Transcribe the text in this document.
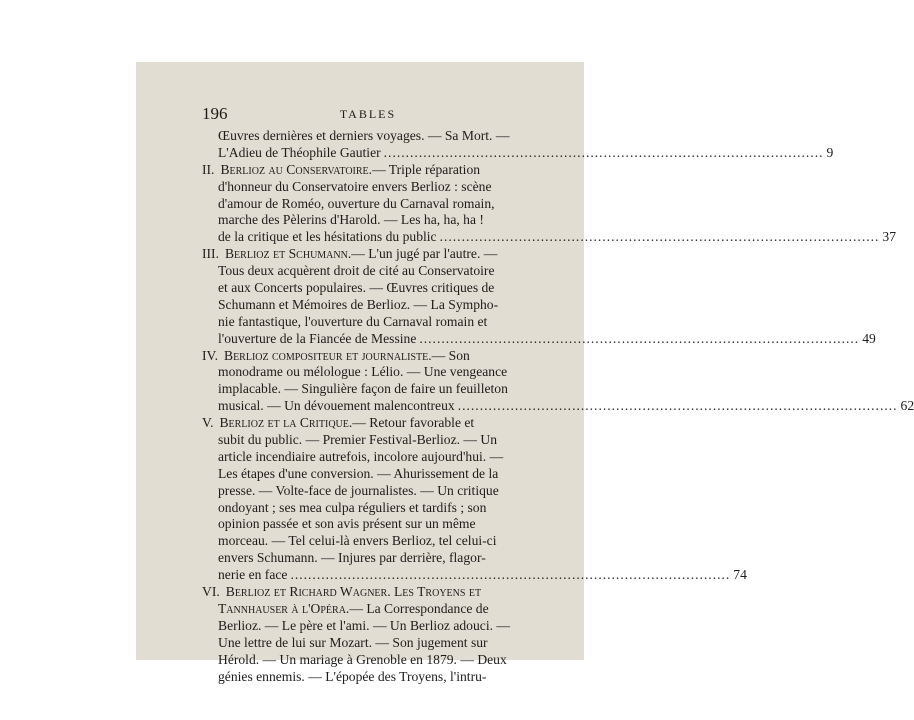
196	TABLES
Œuvres dernières et derniers voyages. — Sa Mort. —
L'Adieu de Théophile Gautier .................................................................................................... 9
II. Berlioz au Conservatoire. — Triple réparation
d'honneur du Conservatoire envers Berlioz : scène
d'amour de Roméo, ouverture du Carnaval romain,
marche des Pèlerins d'Harold. — Les ha, ha, ha !
de la critique et les hésitations du public .................................................................................................... 37
III. Berlioz et Schumann. — L'un jugé par l'autre. —
Tous deux acquèrent droit de cité au Conservatoire
et aux Concerts populaires. — Œuvres critiques de
Schumann et Mémoires de Berlioz. — La Sympho-
nie fantastique, l'ouverture du Carnaval romain et
l'ouverture de la Fiancée de Messine .................................................................................................... 49
IV. Berlioz compositeur et journaliste. — Son
monodrame ou mélologue : Lélio. — Une vengeance
implacable. — Singulière façon de faire un feuilleton
musical. — Un dévouement malencontreux .................................................................................................... 62
V. Berlioz et la Critique. — Retour favorable et
subit du public. — Premier Festival-Berlioz. — Un
article incendiaire autrefois, incolore aujourd'hui. —
Les étapes d'une conversion. — Ahurissement de la
presse. — Volte-face de journalistes. — Un critique
ondoyant ; ses mea culpa réguliers et tardifs ; son
opinion passée et son avis présent sur un même
morceau. — Tel celui-là envers Berlioz, tel celui-ci
envers Schumann. — Injures par derrière, flagor-
nerie en face .................................................................................................... 74
VI. Berlioz et Richard Wagner. Les Troyens et
Tannhauser à l'Opéra. — La Correspondance de
Berlioz. — Le père et l'ami. — Un Berlioz adouci. —
Une lettre de lui sur Mozart. — Son jugement sur
Hérold. — Un mariage à Grenoble en 1879. — Deux
génies ennemis. — L'épopée des Troyens, l'intru-
